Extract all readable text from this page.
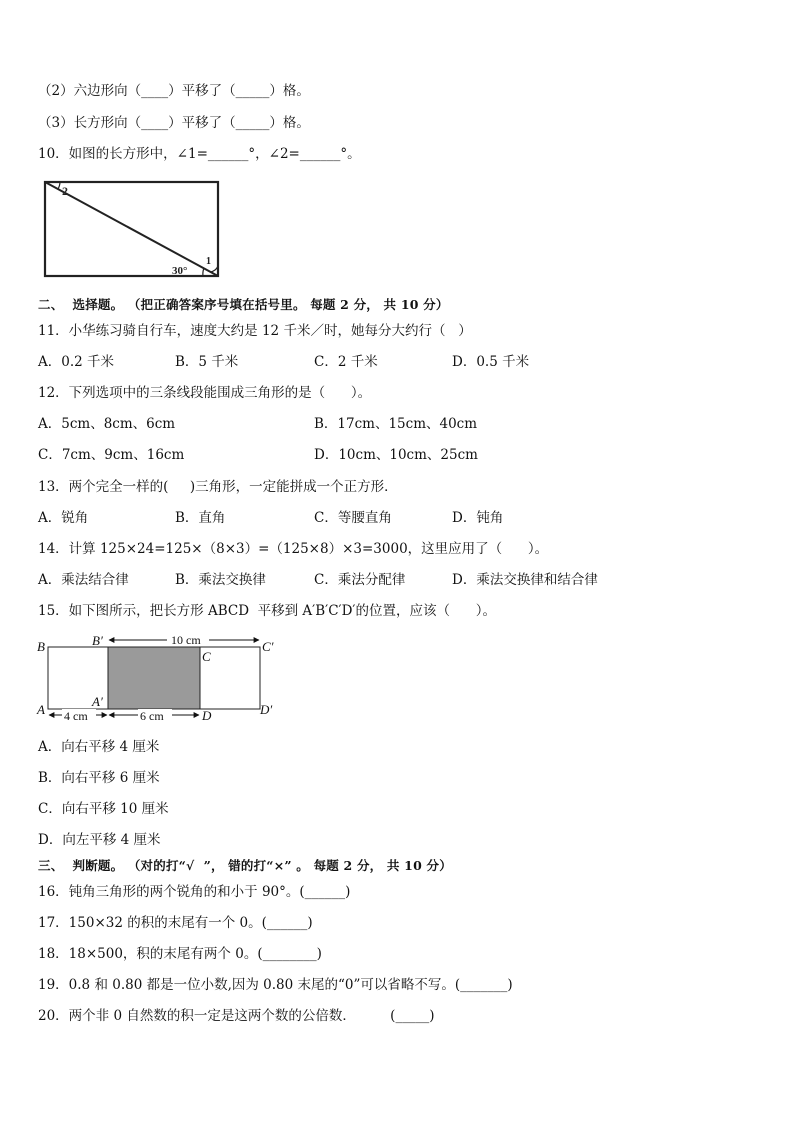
（2）六边形向（____）平移了（_____）格。
（3）长方形向（____）平移了（_____）格。
10．如图的长方形中，∠1=______°，∠2=______°。
2
1
30°
二、  选择题。 （把正确答案序号填在括号里。 每题 2 分， 共 10 分）
11．小华练习骑自行车，速度大约是 12 千米／时，她每分大约行（   ）
A．0.2 千米	B．5 千米	C．2 千米	D．0.5 千米
12．下列选项中的三条线段能围成三角形的是（      ）。
A．5cm、8cm、6cm	B．17cm、15cm、40cm
C．7cm、9cm、16cm	D．10cm、10cm、25cm
13．两个完全一样的(     )三角形，一定能拼成一个正方形．
A．锐角	B．直角	C．等腰直角	D．钝角
14．计算 125×24=125×（8×3）=（125×8）×3=3000，这里应用了（      ）。
A．乘法结合律	B．乘法交换律	C．乘法分配律	D．乘法交换律和结合律
15．如下图所示，把长方形 ABCD  平移到 A′B′C′D′的位置，应该（      ）。
10 cm
4 cm	6 cm
B	B′
C
C′
A
A′
D	D′
A．向右平移 4 厘米
B．向右平移 6 厘米
C．向右平移 10 厘米
D．向左平移 4 厘米
三、  判断题。 （对的打“√  ”， 错的打“×” 。 每题 2 分， 共 10 分）
16．钝角三角形的两个锐角的和小于 90°。(______)
17．150×32 的积的末尾有一个 0。(______)
18．18×500，积的末尾有两个 0。(________)
19．0.8 和 0.80 都是一位小数,因为 0.80 末尾的“0”可以省略不写。(_______)
20．两个非 0 自然数的积一定是这两个数的公倍数．        (_____)
